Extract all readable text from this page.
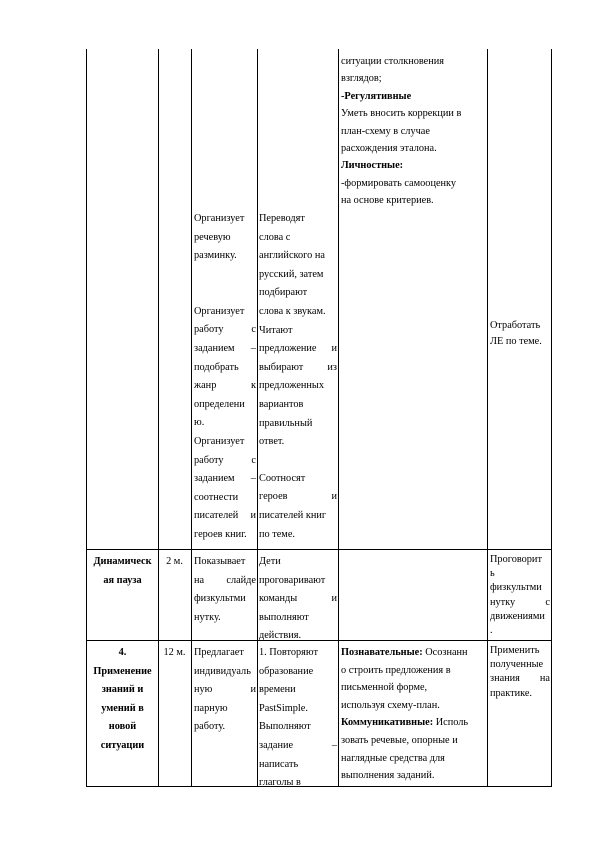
ситуации столкновения

взглядов;

-Регулятивные

Уметь вносить коррекции в

план-схему в случае

расхождения эталона.

Личностные:

-формировать самооценку

на основе критериев.

Организует

речевую

разминку.

Организует

работу с

заданием –

подобрать

жанр к

определени

ю.

Организует

работу с

заданием –

соотнести

писателей и

героев книг.

Переводят

слова с

английского на

русский, затем

подбирают

слова к звукам.

Читают

предложение и

выбирают из

предложенных

вариантов

правильный

ответ.

Соотносят

героев и

писателей книг

по теме.

Отработать

ЛЕ по теме.

Динамическ

ая пауза

2 м.	Показывает

на слайде

физкультми

нутку.

Дети

проговаривают

команды и

выполняют

действия.

Проговорит

ь

физкультми

нутку с

движениями

.

4.

Применение

знаний и

умений в

новой

ситуации

12 м. Предлагает

индивидуаль

ную и

парную

работу.

1. Повторяют

образование

времени

PastSimple.

Выполняют

задание –

написать

глаголы в

Познавательные: Осознанн

о строить предложения в

письменной форме,

используя схему-план.

Коммуникативные: Исполь

зовать речевые, опорные и

наглядные средства для

выполнения заданий.

Применить

полученные

знания на

практике.
